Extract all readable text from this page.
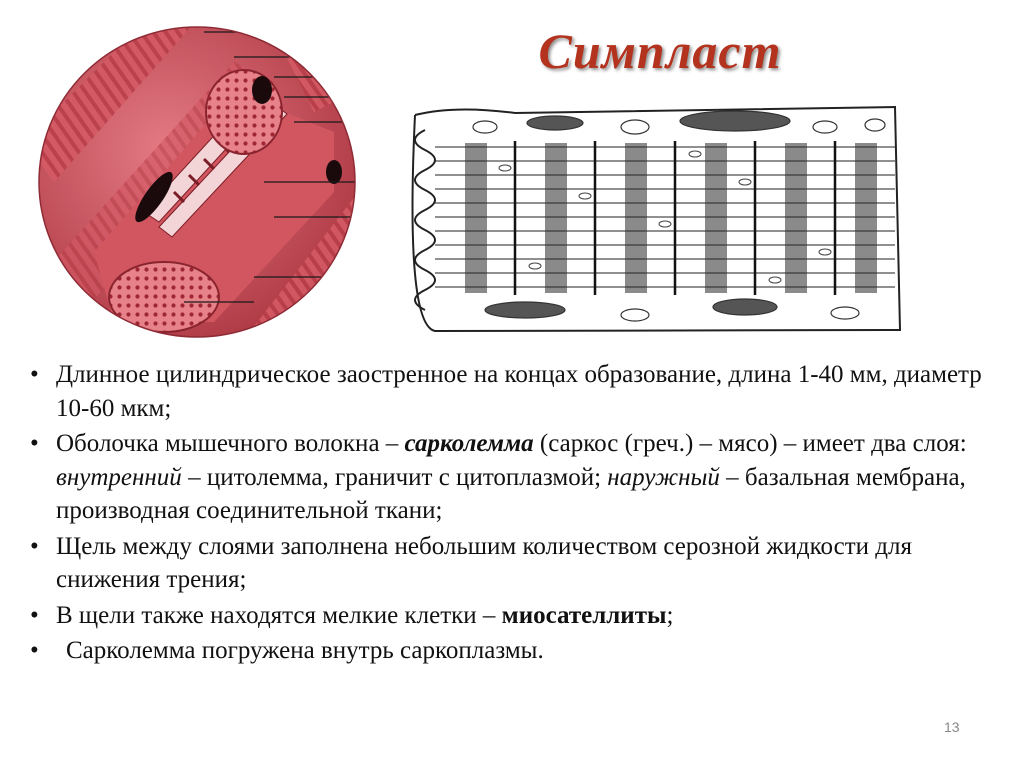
Симпласт
• Длинное цилиндрическое заостренное на концах образование, длина 1-40 мм, диаметр 10-60 мкм;
• Оболочка мышечного волокна – сарколемма (саркос (греч.) – мясо) – имеет два слоя: внутренний – цитолемма, граничит с цитоплазмой; наружный – базальная мембрана, производная соединительной ткани;
• Щель между слоями заполнена небольшим количеством серозной жидкости для снижения трения;
• В щели также находятся мелкие клетки – миосателлиты;
• Сарколемма погружена внутрь саркоплазмы.
13
